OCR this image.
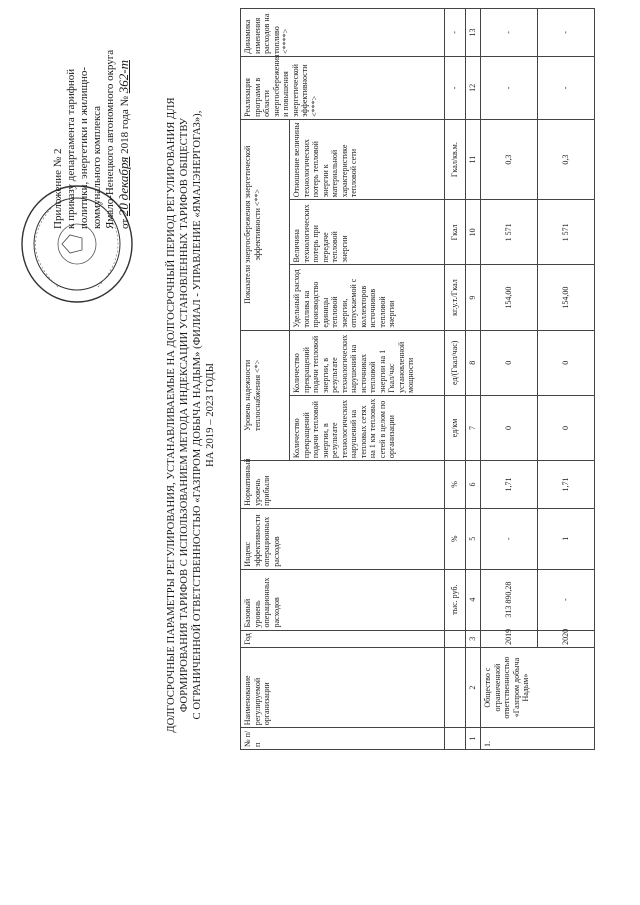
Приложение № 2 к приказу департамента тарифной политики, энергетики и жилищно- коммунального комплекса Ямало-Ненецкого автономного округа от 20 декабря 2018 года № 362-т
ДОЛГОСРОЧНЫЕ ПАРАМЕТРЫ РЕГУЛИРОВАНИЯ, УСТАНАВЛИВАЕМЫЕ НА ДОЛГОСРОЧНЫЙ ПЕРИОД РЕГУЛИРОВАНИЯ ДЛЯ ФОРМИРОВАНИЯ ТАРИФОВ С ИСПОЛЬЗОВАНИЕМ МЕТОДА ИНДЕКСАЦИИ УСТАНОВЛЕННЫХ ТАРИФОВ ОБЩЕСТВУ С ОГРАНИЧЕННОЙ ОТВЕТСТВЕННОСТЬЮ «ГАЗПРОМ ДОБЫЧА НАДЫМ» (ФИЛИАЛ - УПРАВЛЕНИЕ «ЯМАЛЭНЕРГОГАЗ»), НА 2019 – 2023 ГОДЫ
№ п/п	Наименование регулируемой организации	Год	Базовый уровень операционных расходов	Индекс эффективности операционных расходов	Нормативный уровень прибыли	Уровень надежности теплоснабжения <*>		Показатели энергосбережения энергетической эффективности <**>			Реализация программ в области энергосбережения и повышения энергетической эффективности <***>	Динамика изменения расходов на топливо <****>
						Количество прекращений подачи тепловой энергии, в результате технологических нарушений на тепловых сетях на 1 км тепловых сетей в целом по организации	Количество прекращений подачи тепловой энергии, в результате технологических нарушений на источниках тепловой энергии на 1 Гкал/час установленной мощности	Удельный расход топлива на производство единицы тепловой энергии, отпускаемой с коллекторов источников тепловой энергии	Величина технологических потерь при передаче тепловой энергии	Отношение величины технологических потерь тепловой энергии к материальной характеристике тепловой сети		
			тыс. руб.	%	%	ед/км	ед/(Гкал/час)	кг.у.т./Гкал	Гкал	Гкал/кв.м.	-	-
1	2	3	4	5	6	7	8	9	10	11	12	13
1.	Общество с ограниченной ответственностью «Газпром добыча Надым»	2019	313 890,28	-	1,71	0	0	154,00	1 571	0,3	-	-
		2020	-	1	1,71	0	0	154,00	1 571	0,3	-	-
